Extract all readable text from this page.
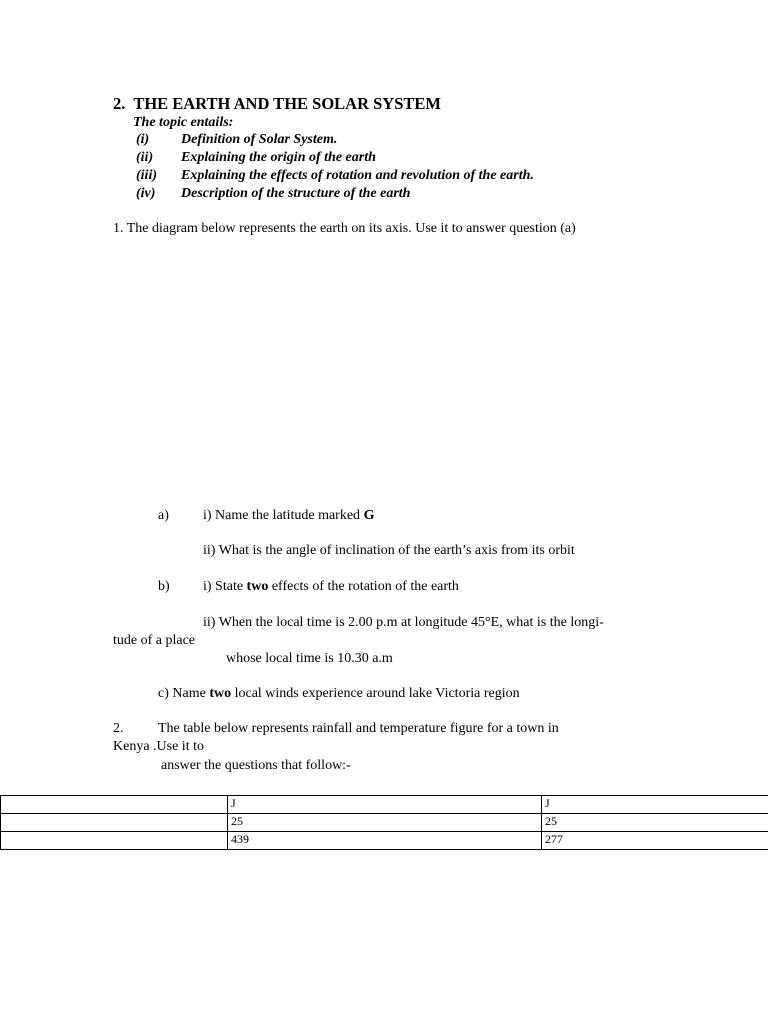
2. THE EARTH AND THE SOLAR SYSTEM
The topic entails:
(i) Definition of Solar System.
(ii) Explaining the origin of the earth
(iii) Explaining the effects of rotation and revolution of the earth.
(iv) Description of the structure of the earth
1. The diagram below represents the earth on its axis. Use it to answer question (a)
a) i) Name the latitude marked G
ii) What is the angle of inclination of the earth’s axis from its orbit
b) i) State two effects of the rotation of the earth
ii) When the local time is 2.00 p.m at longitude 45°E, what is the longi-
tude of a place
whose local time is 10.30 a.m
c) Name two local winds experience around lake Victoria region
2. The table below represents rainfall and temperature figure for a town in
Kenya .Use it to
answer the questions that follow:-
	J	J
	25	25
	439	277
